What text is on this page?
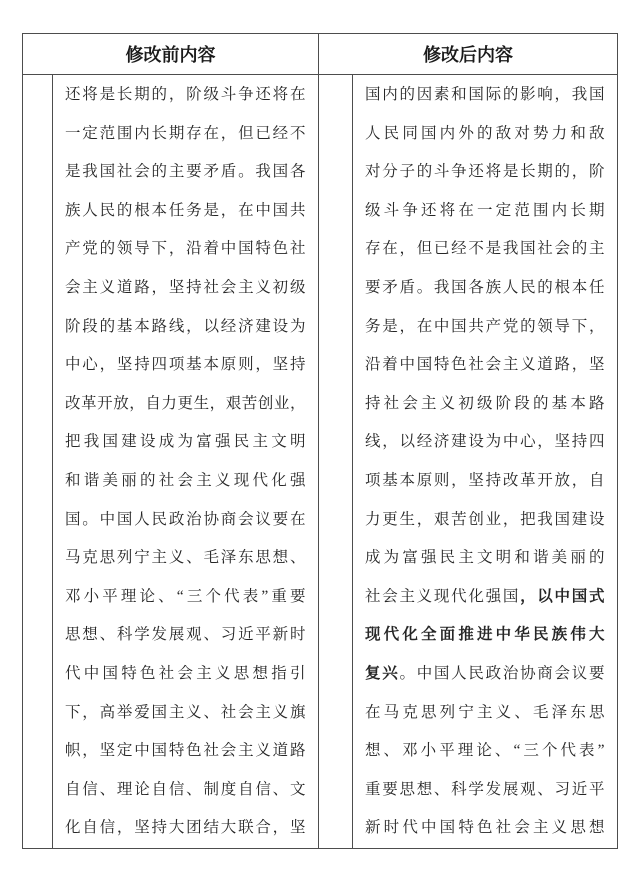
修改前内容		修改后内容	

还将是长期的，阶级斗争还将在
一定范围内长期存在，但已经不
是我国社会的主要矛盾。我国各
族人民的根本任务是，在中国共
产党的领导下，沿着中国特色社
会主义道路，坚持社会主义初级
阶段的基本路线，以经济建设为
中心，坚持四项基本原则，坚持
改革开放，自力更生，艰苦创业，
把我国建设成为富强民主文明
和谐美丽的社会主义现代化强
国。中国人民政治协商会议要在
马克思列宁主义、毛泽东思想、
邓小平理论、“三个代表”重要
思想、科学发展观、习近平新时
代中国特色社会主义思想指引
下，高举爱国主义、社会主义旗
帜，坚定中国特色社会主义道路
自信、理论自信、制度自信、文
化自信，坚持大团结大联合，坚

国内的因素和国际的影响，我国
人民同国内外的敌对势力和敌
对分子的斗争还将是长期的，阶
级斗争还将在一定范围内长期
存在，但已经不是我国社会的主
要矛盾。我国各族人民的根本任
务是，在中国共产党的领导下，
沿着中国特色社会主义道路，坚
持社会主义初级阶段的基本路
线，以经济建设为中心，坚持四
项基本原则，坚持改革开放，自
力更生，艰苦创业，把我国建设
成为富强民主文明和谐美丽的
社会主义现代化强国，以中国式
现代化全面推进中华民族伟大
复兴。中国人民政治协商会议要
在马克思列宁主义、毛泽东思
想、邓小平理论、“三个代表”
重要思想、科学发展观、习近平
新时代中国特色社会主义思想
